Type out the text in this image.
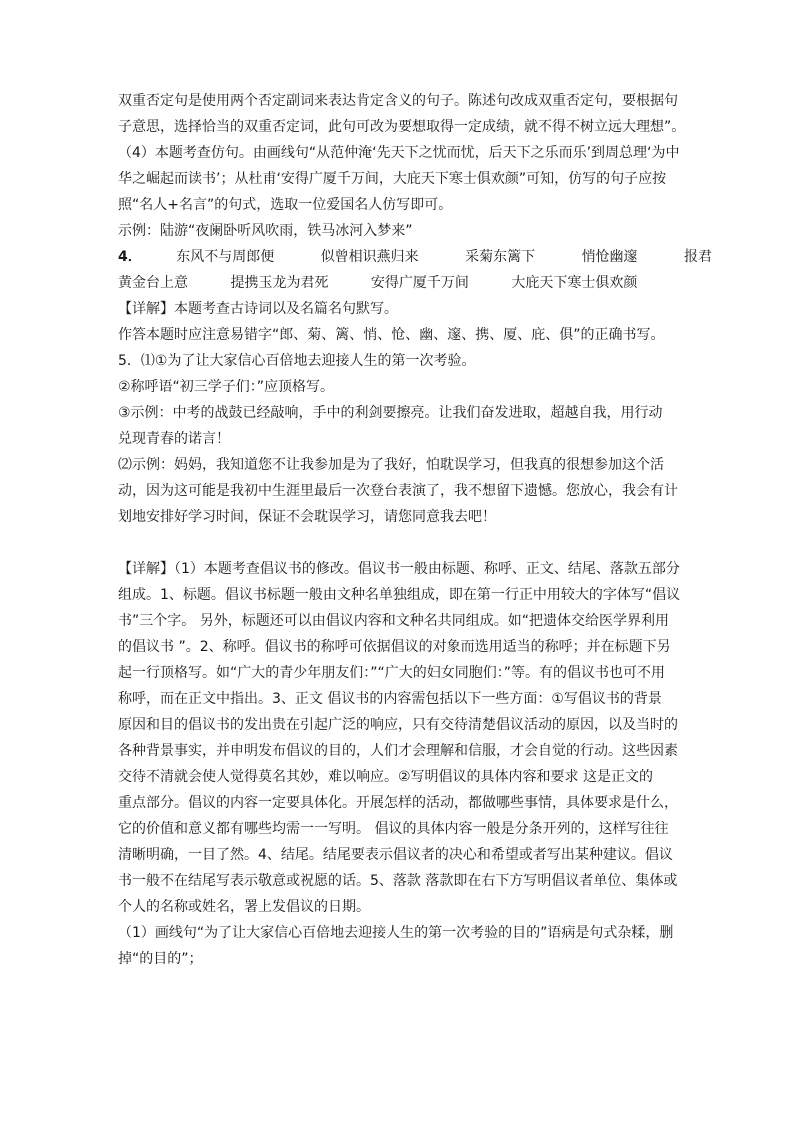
双重否定句是使用两个否定副词来表达肯定含义的句子。陈述句改成双重否定句，要根据句
子意思，选择恰当的双重否定词，此句可改为要想取得一定成绩，就不得不树立远大理想”。
（4）本题考查仿句。由画线句“从范仲淹‘先天下之忧而忧，后天下之乐而乐’到周总理‘为中
华之崛起而读书’；从杜甫‘安得广厦千万间，大庇天下寒士俱欢颜”可知，仿写的句子应按
照“名人+名言”的句式，选取一位爱国名人仿写即可。
示例：陆游“夜阑卧听风吹雨，铁马冰河入梦来”
4． 东风不与周郎便	似曾相识燕归来	采菊东篱下	悄怆幽邃	报君
黄金台上意	提携玉龙为君死	安得广厦千万间	大庇天下寒士俱欢颜
【详解】本题考查古诗词以及名篇名句默写。
作答本题时应注意易错字“郎、菊、篱、悄、怆、幽、邃、携、厦、庇、俱”的正确书写。
5．⑴①为了让大家信心百倍地去迎接人生的第一次考验。
②称呼语“初三学子们：”应顶格写。
③示例：中考的战鼓已经敲响，手中的利剑要擦亮。让我们奋发进取，超越自我，用行动
兑现青春的诺言！
⑵示例：妈妈，我知道您不让我参加是为了我好，怕耽误学习，但我真的很想参加这个活
动，因为这可能是我初中生涯里最后一次登台表演了，我不想留下遗憾。您放心，我会有计
划地安排好学习时间，保证不会耽误学习，请您同意我去吧！
【详解】（1）本题考查倡议书的修改。倡议书一般由标题、称呼、正文、结尾、落款五部分
组成。1、标题。倡议书标题一般由文种名单独组成，即在第一行正中用较大的字体写“倡议
书”三个字。 另外，标题还可以由倡议内容和文种名共同组成。如“把遗体交给医学界利用
的倡议书 ”。2、称呼。倡议书的称呼可依据倡议的对象而选用适当的称呼；并在标题下另
起一行顶格写。如“广大的青少年朋友们：”“广大的妇女同胞们：”等。有的倡议书也可不用
称呼，而在正文中指出。3、正文 倡议书的内容需包括以下一些方面：①写倡议书的背景
原因和目的倡议书的发出贵在引起广泛的响应，只有交待清楚倡议活动的原因，以及当时的
各种背景事实，并申明发布倡议的目的，人们才会理解和信服，才会自觉的行动。这些因素
交待不清就会使人觉得莫名其妙，难以响应。②写明倡议的具体内容和要求 这是正文的
重点部分。倡议的内容一定要具体化。开展怎样的活动，都做哪些事情，具体要求是什么，
它的价值和意义都有哪些均需一一写明。 倡议的具体内容一般是分条开列的，这样写往往
清晰明确，一目了然。4、结尾。结尾要表示倡议者的决心和希望或者写出某种建议。倡议
书一般不在结尾写表示敬意或祝愿的话。5、落款 落款即在右下方写明倡议者单位、集体或
个人的名称或姓名，署上发倡议的日期。
（1）画线句“为了让大家信心百倍地去迎接人生的第一次考验的目的”语病是句式杂糅，删
掉“的目的”；
